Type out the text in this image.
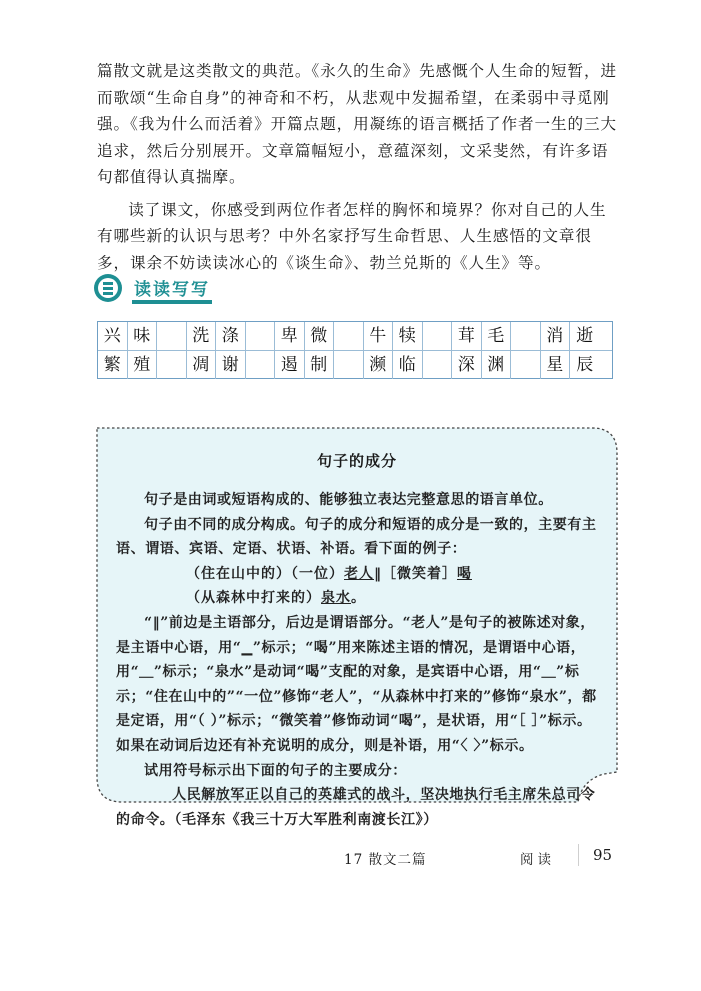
篇散文就是这类散文的典范。《永久的生命》先感慨个人生命的短暂，进而歌颂“生命自身”的神奇和不朽，从悲观中发掘希望，在柔弱中寻觅刚强。《我为什么而活着》开篇点题，用凝练的语言概括了作者一生的三大追求，然后分别展开。文章篇幅短小，意蕴深刻，文采斐然，有许多语句都值得认真揣摩。

读了课文，你感受到两位作者怎样的胸怀和境界？你对自己的人生有哪些新的认识与思考？中外名家抒写生命哲思、人生感悟的文章很多，课余不妨读读冰心的《谈生命》、勃兰兑斯的《人生》等。

读读写写
兴 味	洗 涤	卑 微	牛 犊	茸 毛	消 逝
繁 殖	凋 谢	遏 制	濒 临	深 渊	星 辰
句子的成分

句子是由词或短语构成的、能够独立表达完整意思的语言单位。

句子由不同的成分构成。句子的成分和短语的成分是一致的，主要有主语、谓语、宾语、定语、状语、补语。看下面的例子：

（住在山中的）（一位）老人‖［微笑着］喝（从森林中打来的）泉水。

“‖”前边是主语部分，后边是谓语部分。“老人”是句子的被陈述对象，是主语中心语，用“▁”标示；“喝”用来陈述主语的情况，是谓语中心语，用“＿”标示；“泉水”是动词“喝”支配的对象，是宾语中心语，用“＿”标示；“住在山中的”“一位”修饰“老人”，“从森林中打来的”修饰“泉水”，都是定语，用“（ ）”标示；“微笑着”修饰动词“喝”，是状语，用“［ ］”标示。如果在动词后边还有补充说明的成分，则是补语，用“〈 〉”标示。

试用符号标示出下面的句子的主要成分：

人民解放军正以自己的英雄式的战斗，坚决地执行毛主席朱总司令的命令。（毛泽东《我三十万大军胜利南渡长江》）

17 散文二篇	阅读	95
